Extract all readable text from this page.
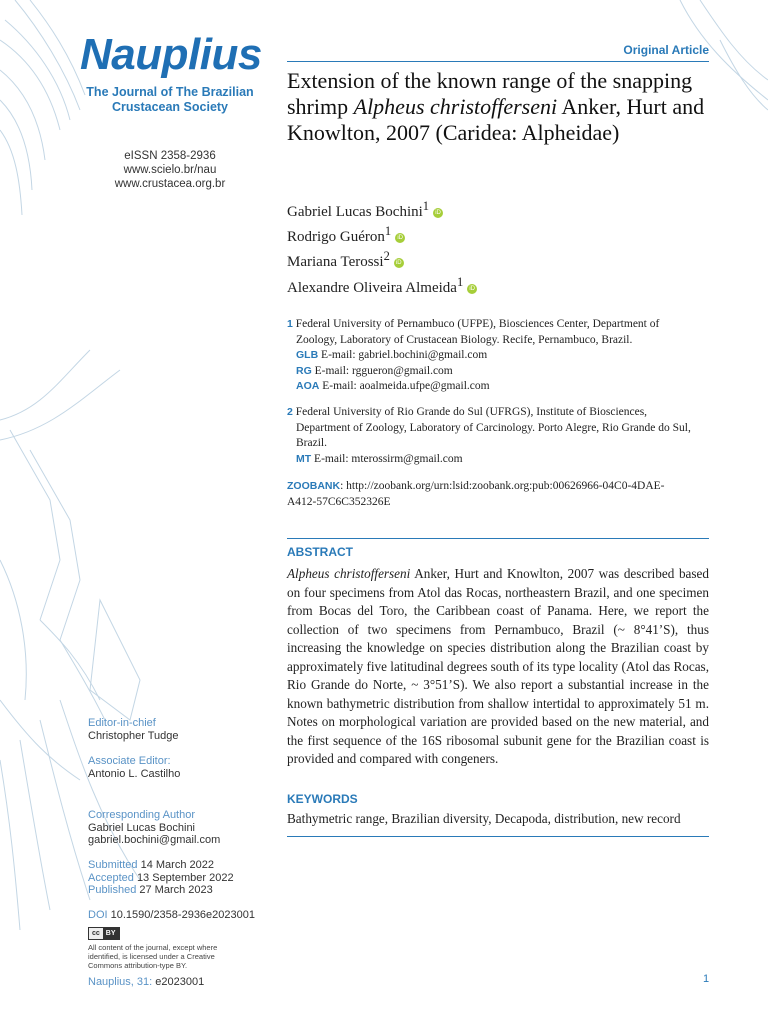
Nauplius
The Journal of The Brazilian Crustacean Society
eISSN 2358-2936
www.scielo.br/nau
www.crustacea.org.br
Editor-in-chief
Christopher Tudge
Associate Editor:
Antonio L. Castilho
Corresponding Author
Gabriel Lucas Bochini
gabriel.bochini@gmail.com
Submitted 14 March 2022
Accepted 13 September 2022
Published 27 March 2023
DOI 10.1590/2358-2936e2023001
cc BY
All content of the journal, except where identified, is licensed under a Creative Commons attribution-type BY.
Nauplius, 31: e2023001
Original Article
Extension of the known range of the snapping shrimp Alpheus christofferseni Anker, Hurt and Knowlton, 2007 (Caridea: Alpheidae)
Gabriel Lucas Bochini$^1$ iD
Rodrigo Guéron$^1$ iD
Mariana Terossi$^2$ iD
Alexandre Oliveira Almeida$^1$ iD
1 Federal University of Pernambuco (UFPE), Biosciences Center, Department of
Zoology, Laboratory of Crustacean Biology. Recife, Pernambuco, Brazil.
GLB E-mail: gabriel.bochini@gmail.com
RG E-mail: rggueron@gmail.com
AOA E-mail: aoalmeida.ufpe@gmail.com
2 Federal University of Rio Grande do Sul (UFRGS), Institute of Biosciences,
Department of Zoology, Laboratory of Carcinology. Porto Alegre, Rio Grande do Sul,
Brazil.
MT E-mail: mterossirm@gmail.com
ZOOBANK: http://zoobank.org/urn:lsid:zoobank.org:pub:00626966-04C0-4DAE-
A412-57C6C352326E
ABSTRACT

Alpheus christofferseni Anker, Hurt and Knowlton, 2007 was described based on four specimens from Atol das Rocas, northeastern Brazil, and one specimen from Bocas del Toro, the Caribbean coast of Panama. Here, we report the collection of two specimens from Pernambuco, Brazil (~ 8°41’S), thus increasing the knowledge on species distribution along the Brazilian coast by approximately five latitudinal degrees south of its type locality (Atol das Rocas, Rio Grande do Norte, ~ 3°51’S). We also report a substantial increase in the known bathymetric distribution from shallow intertidal to approximately 51 m. Notes on morphological variation are provided based on the new material, and the first sequence of the 16S ribosomal subunit gene for the Brazilian coast is provided and compared with congeners.

KEYWORDS
Bathymetric range, Brazilian diversity, Decapoda, distribution, new record
1
